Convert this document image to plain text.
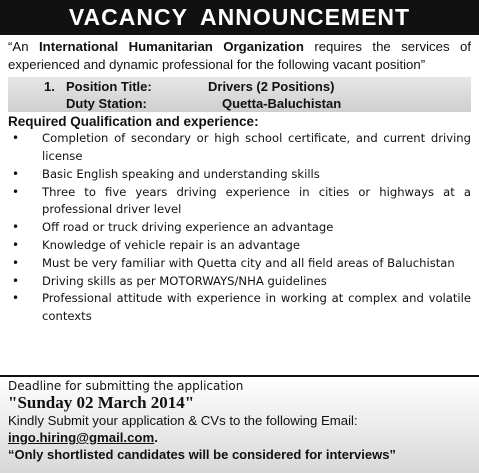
VACANCY ANNOUNCEMENT

“An International Humanitarian Organization requires the services of experienced and dynamic professional for the following vacant position”

1. Position Title:	Drivers (2 Positions)
Duty Station:	Quetta-Baluchistan
Required Qualification and experience:
• Completion of secondary or high school certificate, and current driving license
• Basic English speaking and understanding skills
• Three to five years driving experience in cities or highways at a professional driver level
• Off road or truck driving experience an advantage
• Knowledge of vehicle repair is an advantage
• Must be very familiar with Quetta city and all field areas of Baluchistan
• Driving skills as per MOTORWAYS/NHA guidelines
• Professional attitude with experience in working at complex and volatile contexts
Deadline for submitting the application
"Sunday 02 March 2014"
Kindly Submit your application & CVs to the following Email:
ingo.hiring@gmail.com.
“Only shortlisted candidates will be considered for interviews”
